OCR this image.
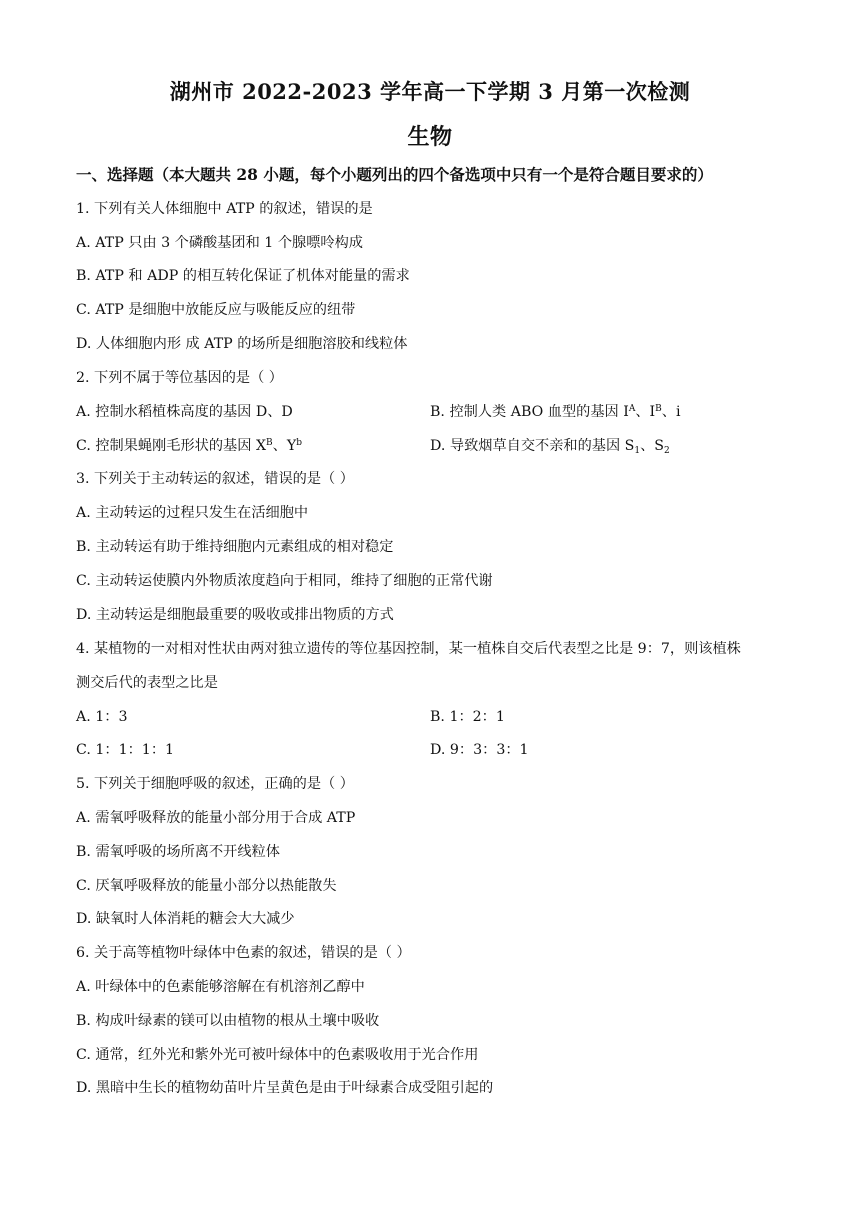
湖州市 2022-2023 学年高一下学期 3 月第一次检测
生物
一、选择题（本大题共 28 小题，每个小题列出的四个备选项中只有一个是符合题目要求的）
1. 下列有关人体细胞中 ATP 的叙述，错误的是
A. ATP 只由 3 个磷酸基团和 1 个腺嘌呤构成
B. ATP 和 ADP 的相互转化保证了机体对能量的需求
C. ATP 是细胞中放能反应与吸能反应的纽带
D. 人体细胞内形 成 ATP 的场所是细胞溶胶和线粒体
2. 下列不属于等位基因的是（ ）
A. 控制水稻植株高度的基因 D、D	B. 控制人类 ABO 血型的基因 $I^A$、$I^B$、i
C. 控制果蝇刚毛形状的基因 $X^B$、$Y^b$	D. 导致烟草自交不亲和的基因 $S_1$、$S_2$
3. 下列关于主动转运的叙述，错误的是（ ）
A. 主动转运的过程只发生在活细胞中
B. 主动转运有助于维持细胞内元素组成的相对稳定
C. 主动转运使膜内外物质浓度趋向于相同，维持了细胞的正常代谢
D. 主动转运是细胞最重要的吸收或排出物质的方式
4. 某植物的一对相对性状由两对独立遗传的等位基因控制，某一植株自交后代表型之比是 9：7，则该植株
测交后代的表型之比是
A. 1：3	B. 1：2：1
C. 1：1：1：1	D. 9：3：3：1
5. 下列关于细胞呼吸的叙述，正确的是（ ）
A. 需氧呼吸释放的能量小部分用于合成 ATP
B. 需氧呼吸的场所离不开线粒体
C. 厌氧呼吸释放的能量小部分以热能散失
D. 缺氧时人体消耗的糖会大大减少
6. 关于高等植物叶绿体中色素的叙述，错误的是（ ）
A. 叶绿体中的色素能够溶解在有机溶剂乙醇中
B. 构成叶绿素的镁可以由植物的根从土壤中吸收
C. 通常，红外光和紫外光可被叶绿体中的色素吸收用于光合作用
D. 黑暗中生长的植物幼苗叶片呈黄色是由于叶绿素合成受阻引起的
